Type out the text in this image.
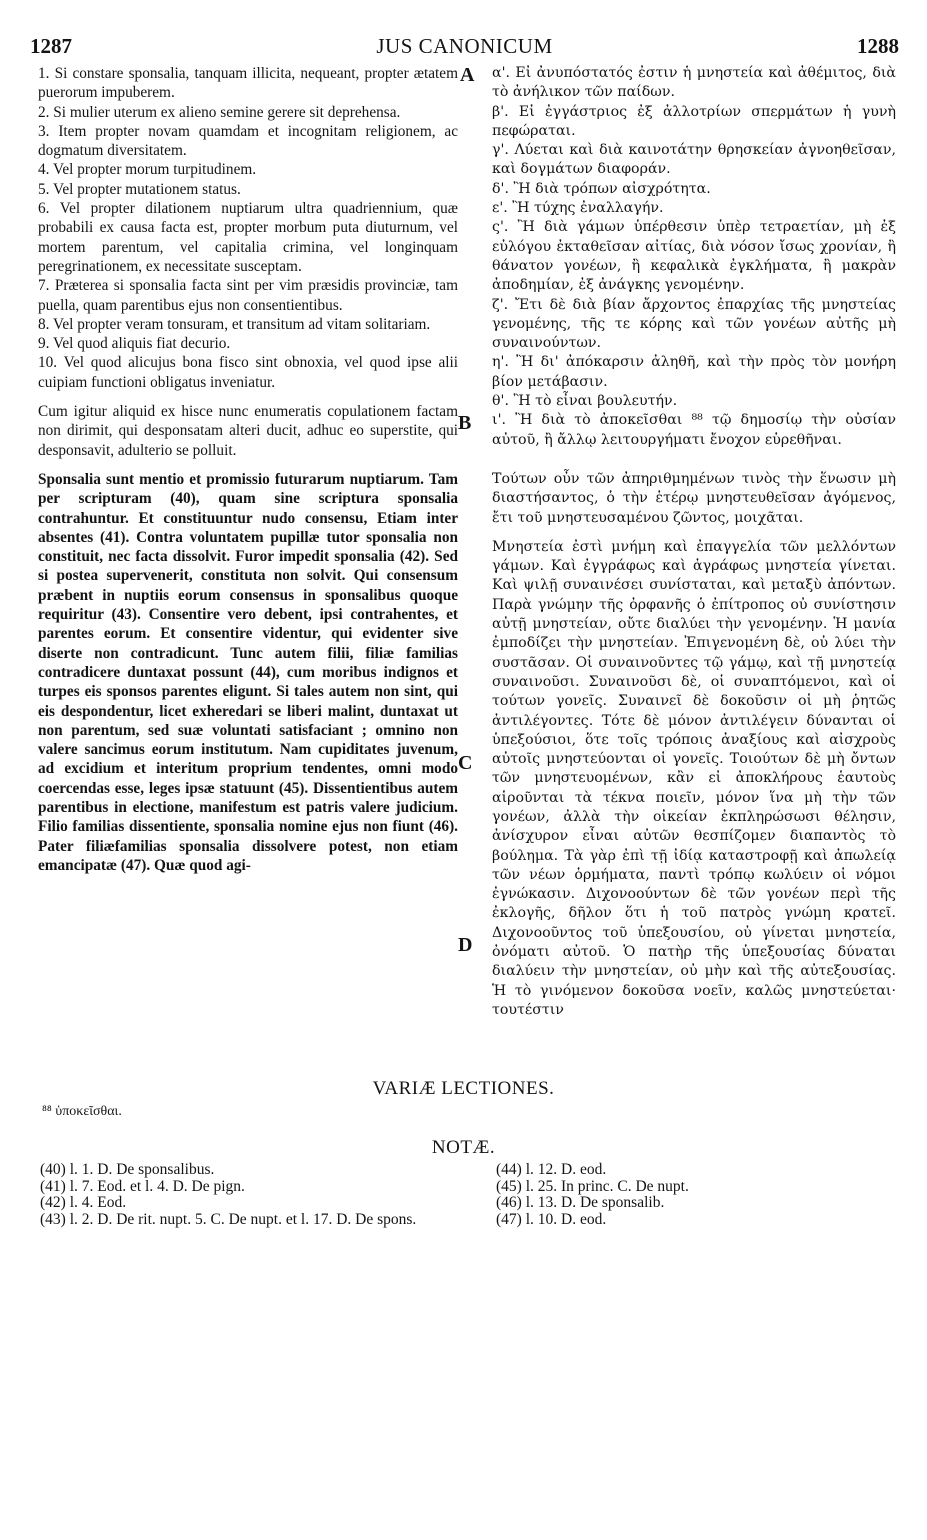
1287	JUS CANONICUM	1288

1. Si constare sponsalia, tanquam illicita, nequeant, propter ætatem puerorum impuberem.

2. Si mulier uterum ex alieno semine gerere sit deprehensa.

3. Item propter novam quamdam et incognitam religionem, ac dogmatum diversitatem.

4. Vel propter morum turpitudinem.

5. Vel propter mutationem status.

6. Vel propter dilationem nuptiarum ultra quadriennium, quæ probabili ex causa facta est, propter morbum puta diuturnum, vel mortem parentum, vel capitalia crimina, vel longinquam peregrinationem, ex necessitate susceptam.

7. Præterea si sponsalia facta sint per vim præsidis provinciæ, tam puella, quam parentibus ejus non consentientibus.

8. Vel propter veram tonsuram, et transitum ad vitam solitariam.

9. Vel quod aliquis fiat decurio.

10. Vel quod alicujus bona fisco sint obnoxia, vel quod ipse alii cuipiam functioni obligatus inveniatur.

Cum igitur aliquid ex hisce nunc enumeratis copulationem factam non dirimit, qui desponsatam alteri ducit, adhuc eo superstite, qui desponsavit, adulterio se polluit.

Sponsalia sunt mentio et promissio futurarum nuptiarum. Tam per scripturam (40), quam sine scriptura sponsalia contrahuntur. Et constituuntur nudo consensu, Etiam inter absentes (41). Contra voluntatem pupillæ tutor sponsalia non constituit, nec facta dissolvit. Furor impedit sponsalia (42). Sed si postea supervenerit, constituta non solvit. Qui consensum præbent in nuptiis eorum consensus in sponsalibus quoque requiritur (43). Consentire vero debent, ipsi contrahentes, et parentes eorum. Et consentire videntur, qui evidenter sive diserte non contradicunt. Tunc autem filii, filiæ familias contradicere duntaxat possunt (44), cum moribus indignos et turpes eis sponsos parentes eligunt. Si tales autem non sint, qui eis despondentur, licet exheredari se liberi malint, duntaxat ut non parentum, sed suæ voluntati satisfaciant ; omnino non valere sancimus eorum institutum. Nam cupiditates juvenum, ad excidium et interitum proprium tendentes, omni modo coercendas esse, leges ipsæ statuunt (45). Dissentientibus autem parentibus in electione, manifestum est patris valere judicium. Filio familias dissentiente, sponsalia nomine ejus non fiunt (46). Pater filiæfamilias sponsalia dissolvere potest, non etiam emancipatæ (47). Quæ quod agi-

α'. Εἰ ἀνυπόστατός ἐστιν ἡ μνηστεία καὶ ἀθέμιτος, διὰ τὸ ἀνήλικον τῶν παίδων.

β'. Εἰ ἐγγάστριος ἐξ ἀλλοτρίων σπερμάτων ἡ γυνὴ πεφώραται.

γ'. Λύεται καὶ διὰ καινοτάτην θρησκείαν ἀγνοηθεῖσαν, καὶ δογμάτων διαφοράν.

δ'. Ἢ διὰ τρόπων αἰσχρότητα.

ε'. Ἢ τύχης ἐναλλαγήν.

ς'. Ἢ διὰ γάμων ὑπέρθεσιν ὑπὲρ τετραετίαν, μὴ ἐξ εὐλόγου ἐκταθεῖσαν αἰτίας, διὰ νόσον ἴσως χρονίαν, ἢ θάνατον γονέων, ἢ κεφαλικὰ ἐγκλήματα, ἢ μακρὰν ἀποδημίαν, ἐξ ἀνάγκης γενομένην.

ζ'. Ἔτι δὲ διὰ βίαν ἄρχοντος ἐπαρχίας τῆς μνηστείας γενομένης, τῆς τε κόρης καὶ τῶν γονέων αὐτῆς μὴ συναινούντων.

η'. Ἢ δι' ἀπόκαρσιν ἀληθῆ, καὶ τὴν πρὸς τὸν μονήρη βίον μετάβασιν.

θ'. Ἢ τὸ εἶναι βουλευτήν.

ι'. Ἢ διὰ τὸ ἀποκεῖσθαι ⁸⁸ τῷ δημοσίῳ τὴν οὐσίαν αὐτοῦ, ἢ ἄλλῳ λειτουργήματι ἔνοχον εὑρεθῆναι.

Τούτων οὖν τῶν ἀπηριθμημένων τινὸς τὴν ἕνωσιν μὴ διαστήσαντος, ὁ τὴν ἑτέρῳ μνηστευθεῖσαν ἀγόμενος, ἔτι τοῦ μνηστευσαμένου ζῶντος, μοιχᾶται.

Μνηστεία ἐστὶ μνήμη καὶ ἐπαγγελία τῶν μελλόντων γάμων. Καὶ ἐγγράφως καὶ ἀγράφως μνηστεία γίνεται. Καὶ ψιλῇ συναινέσει συνίσταται, καὶ μεταξὺ ἀπόντων. Παρὰ γνώμην τῆς ὀρφανῆς ὁ ἐπίτροπος οὐ συνίστησιν αὐτῇ μνηστείαν, οὔτε διαλύει τὴν γενομένην. Ἡ μανία ἐμποδίζει τὴν μνηστείαν. Ἐπιγενομένη δὲ, οὐ λύει τὴν συστᾶσαν. Οἱ συναινοῦντες τῷ γάμῳ, καὶ τῇ μνηστείᾳ συναινοῦσι. Συναινοῦσι δὲ, οἱ συναπτόμενοι, καὶ οἱ τούτων γονεῖς. Συναινεῖ δὲ δοκοῦσιν οἱ μὴ ῥητῶς ἀντιλέγοντες. Τότε δὲ μόνον ἀντιλέγειν δύνανται οἱ ὑπεξούσιοι, ὅτε τοῖς τρόποις ἀναξίους καὶ αἰσχροὺς αὐτοῖς μνηστεύονται οἱ γονεῖς. Τοιούτων δὲ μὴ ὄντων τῶν μνηστευομένων, κἂν εἰ ἀποκλήρους ἑαυτοὺς αἱροῦνται τὰ τέκνα ποιεῖν, μόνον ἵνα μὴ τὴν τῶν γονέων, ἀλλὰ τὴν οἰκείαν ἐκπληρώσωσι θέλησιν, ἀνίσχυρον εἶναι αὐτῶν θεσπίζομεν διαπαντὸς τὸ βούλημα. Τὰ γὰρ ἐπὶ τῇ ἰδίᾳ καταστροφῇ καὶ ἀπωλείᾳ τῶν νέων ὁρμήματα, παντὶ τρόπῳ κωλύειν οἱ νόμοι ἐγνώκασιν. Διχονοούντων δὲ τῶν γονέων περὶ τῆς ἐκλογῆς, δῆλον ὅτι ἡ τοῦ πατρὸς γνώμη κρατεῖ. Διχονοοῦντος τοῦ ὑπεξουσίου, οὐ γίνεται μνηστεία, ὀνόματι αὐτοῦ. Ὁ πατὴρ τῆς ὑπεξουσίας δύναται διαλύειν τὴν μνηστείαν, οὐ μὴν καὶ τῆς αὐτεξουσίας. Ἡ τὸ γινόμενον δοκοῦσα νοεῖν, καλῶς μνηστεύεται· τουτέστιν

A
B
C
D
VARIÆ LECTIONES.
⁸⁸ ὑποκεῖσθαι.
NOTÆ.

(40) l. 1. D. De sponsalibus.

(41) l. 7. Eod. et l. 4. D. De pign.

(42) l. 4. Eod.

(43) l. 2. D. De rit. nupt. 5. C. De nupt. et l. 17. D. De spons.

(44) l. 12. D. eod.

(45) l. 25. In princ. C. De nupt.

(46) l. 13. D. De sponsalib.

(47) l. 10. D. eod.
